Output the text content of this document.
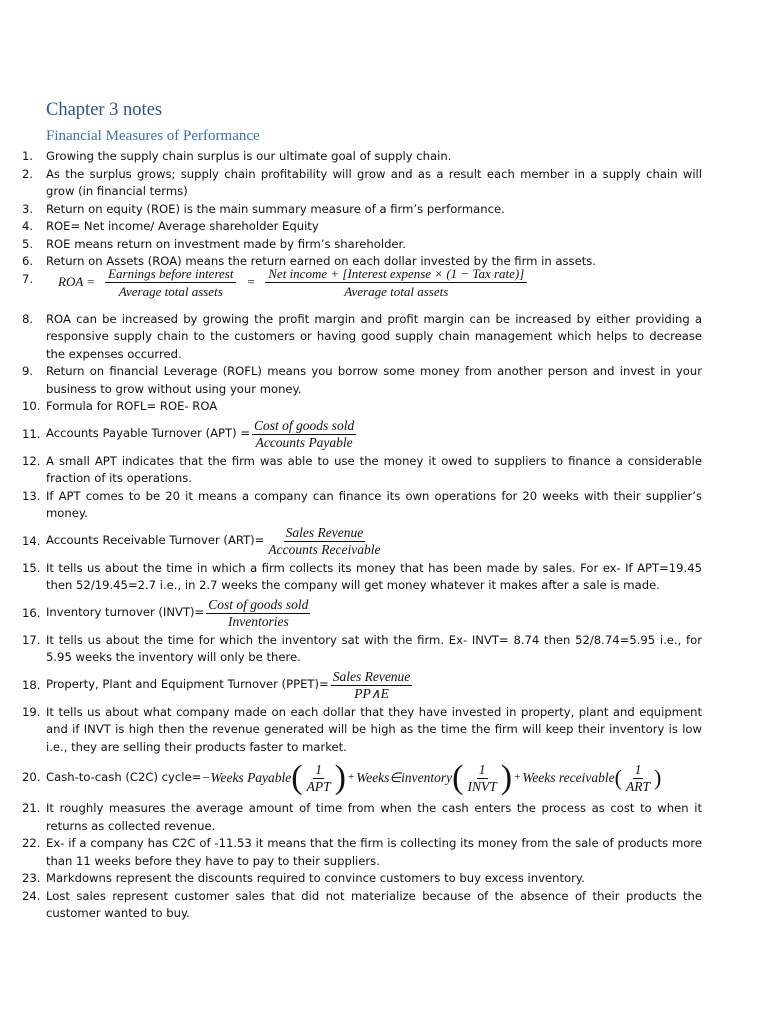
Chapter 3 notes
Financial Measures of Performance
1. Growing the supply chain surplus is our ultimate goal of supply chain.
2. As the surplus grows; supply chain profitability will grow and as a result each member in a supply chain will grow (in financial terms)
3. Return on equity (ROE) is the main summary measure of a firm’s performance.
4. ROE= Net income/ Average shareholder Equity
5. ROE means return on investment made by firm’s shareholder.
6. Return on Assets (ROA) means the return earned on each dollar invested by the firm in assets.
7. ROA = $\frac{\text{Earnings before interest}}{\text{Average total assets}} = \frac{\text{Net income + [Interest expense × (1 − Tax rate)]}}{\text{Average total assets}}$
8. ROA can be increased by growing the profit margin and profit margin can be increased by either providing a responsive supply chain to the customers or having good supply chain management which helps to decrease the expenses occurred.
9. Return on financial Leverage (ROFL) means you borrow some money from another person and invest in your business to grow without using your money.
10. Formula for ROFL= ROE- ROA
11. Accounts Payable Turnover $(APT) = \frac{\text{Cost of goods sold}}{\text{Accounts Payable}}$
12. A small APT indicates that the firm was able to use the money it owed to suppliers to finance a considerable fraction of its operations.
13. If APT comes to be 20 it means a company can finance its own operations for 20 weeks with their supplier’s money.
14. Accounts Receivable Turnover $(ART)= \frac{\text{Sales Revenue}}{\text{Accounts Receivable}}$
15. It tells us about the time in which a firm collects its money that has been made by sales. For ex- If APT=19.45 then 52/19.45=2.7 i.e., in 2.7 weeks the company will get money whatever it makes after a sale is made.
16. Inventory turnover (INVT)= $\frac{\text{Cost of goods sold}}{\text{Inventories}}$
17. It tells us about the time for which the inventory sat with the firm. Ex- INVT= 8.74 then 52/8.74=5.95 i.e., for 5.95 weeks the inventory will only be there.
18. Property, Plant and Equipment Turnover (PPET)= $\frac{\text{Sales Revenue}}{PP\wedge E}$
19. It tells us about what company made on each dollar that they have invested in property, plant and equipment and if INVT is high then the revenue generated will be high as the time the firm will keep their inventory is low i.e., they are selling their products faster to market.
20. Cash-to-cash (C2C) cycle= −Weeks Payable ( $\frac{1}{\text{APT}}$ ) + Weeks∈inventory ( $\frac{1}{\text{INVT}}$ ) + Weeks receivable ( $\frac{1}{\text{ART}}$ )
21. It roughly measures the average amount of time from when the cash enters the process as cost to when it returns as collected revenue.
22. Ex- if a company has C2C of -11.53 it means that the firm is collecting its money from the sale of products more than 11 weeks before they have to pay to their suppliers.
23. Markdowns represent the discounts required to convince customers to buy excess inventory.
24. Lost sales represent customer sales that did not materialize because of the absence of their products the customer wanted to buy.
